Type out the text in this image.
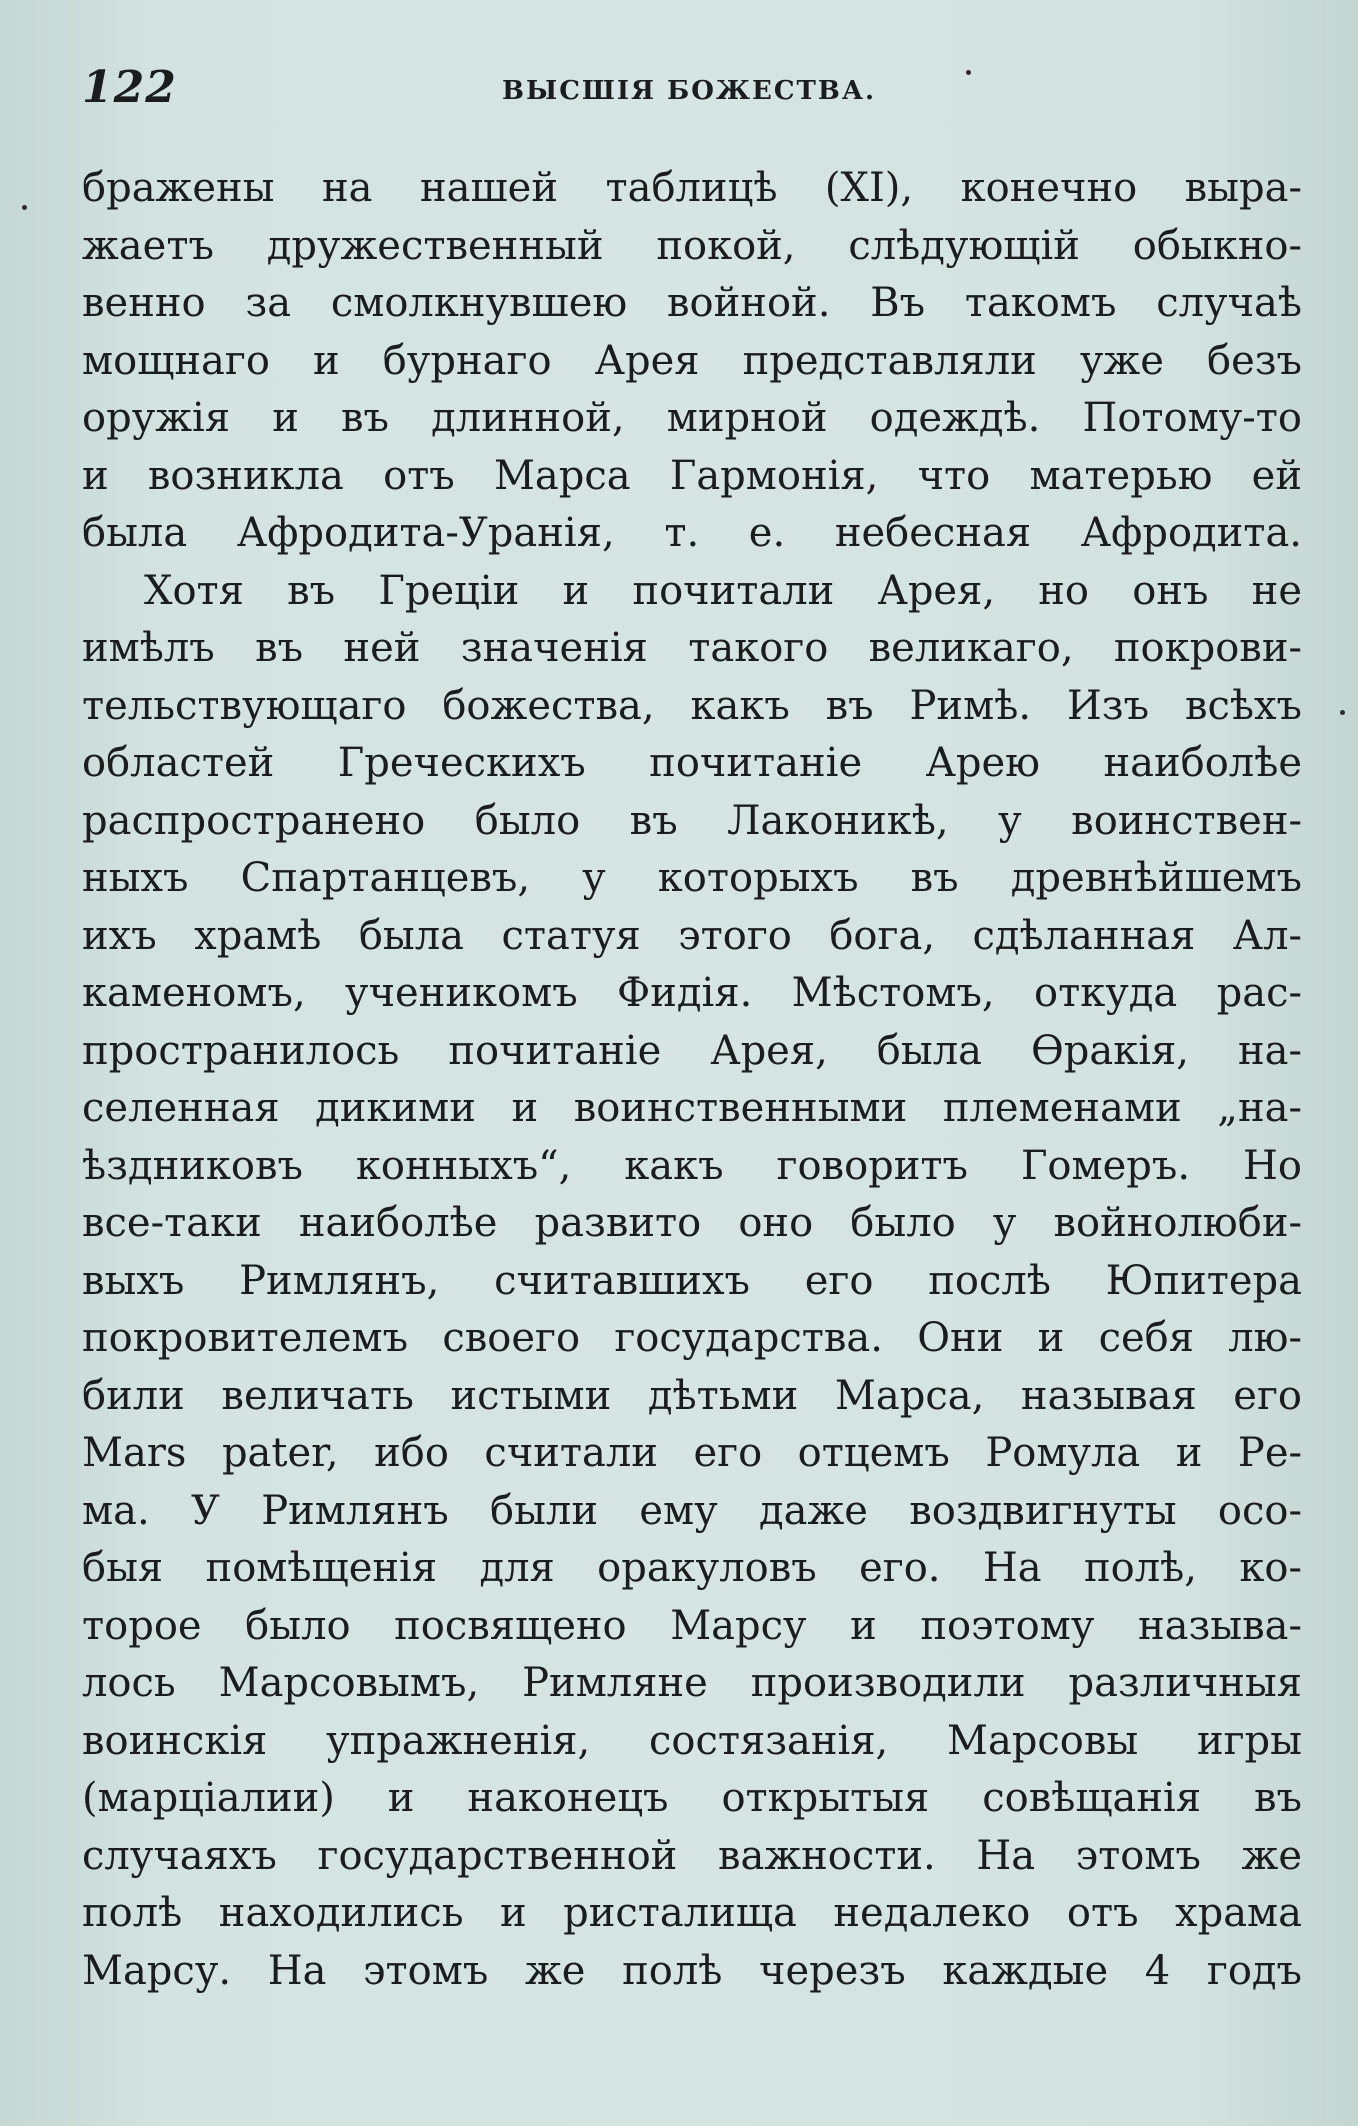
122	ВЫСШІЯ БОЖЕСТВА.
бражены на нашей таблицѣ (XI), конечно выра-
жаетъ дружественный покой, слѣдующій обыкно-
венно за смолкнувшею войной. Въ такомъ случаѣ
мощнаго и бурнаго Арея представляли уже безъ
оружія и въ длинной, мирной одеждѣ. Потому-то
и возникла отъ Марса Гармонія, что матерью ей
была Афродита-Уранія, т. е. небесная Афродита.
Хотя въ Греціи и почитали Арея, но онъ не
имѣлъ въ ней значенія такого великаго, покрови-
тельствующаго божества, какъ въ Римѣ. Изъ всѣхъ
областей Греческихъ почитаніе Арею наиболѣе
распространено было въ Лаконикѣ, у воинствен-
ныхъ Спартанцевъ, у которыхъ въ древнѣйшемъ
ихъ храмѣ была статуя этого бога, сдѣланная Ал-
каменомъ, ученикомъ Фидія. Мѣстомъ, откуда рас-
пространилось почитаніе Арея, была Ѳракія, на-
селенная дикими и воинственными племенами „на-
ѣздниковъ конныхъ“, какъ говоритъ Гомеръ. Но
все-таки наиболѣе развито оно было у войнолюби-
выхъ Римлянъ, считавшихъ его послѣ Юпитера
покровителемъ своего государства. Они и себя лю-
били величать истыми дѣтьми Марса, называя его
Mars pater, ибо считали его отцемъ Ромула и Ре-
ма. У Римлянъ были ему даже воздвигнуты осо-
быя помѣщенія для оракуловъ его. На полѣ, ко-
торое было посвящено Марсу и поэтому называ-
лось Марсовымъ, Римляне производили различныя
воинскія упражненія, состязанія, Марсовы игры
(марціалии) и наконецъ открытыя совѣщанія въ
случаяхъ государственной важности. На этомъ же
полѣ находились и ристалища недалеко отъ храма
Марсу. На этомъ же полѣ черезъ каждые 4 годъ
